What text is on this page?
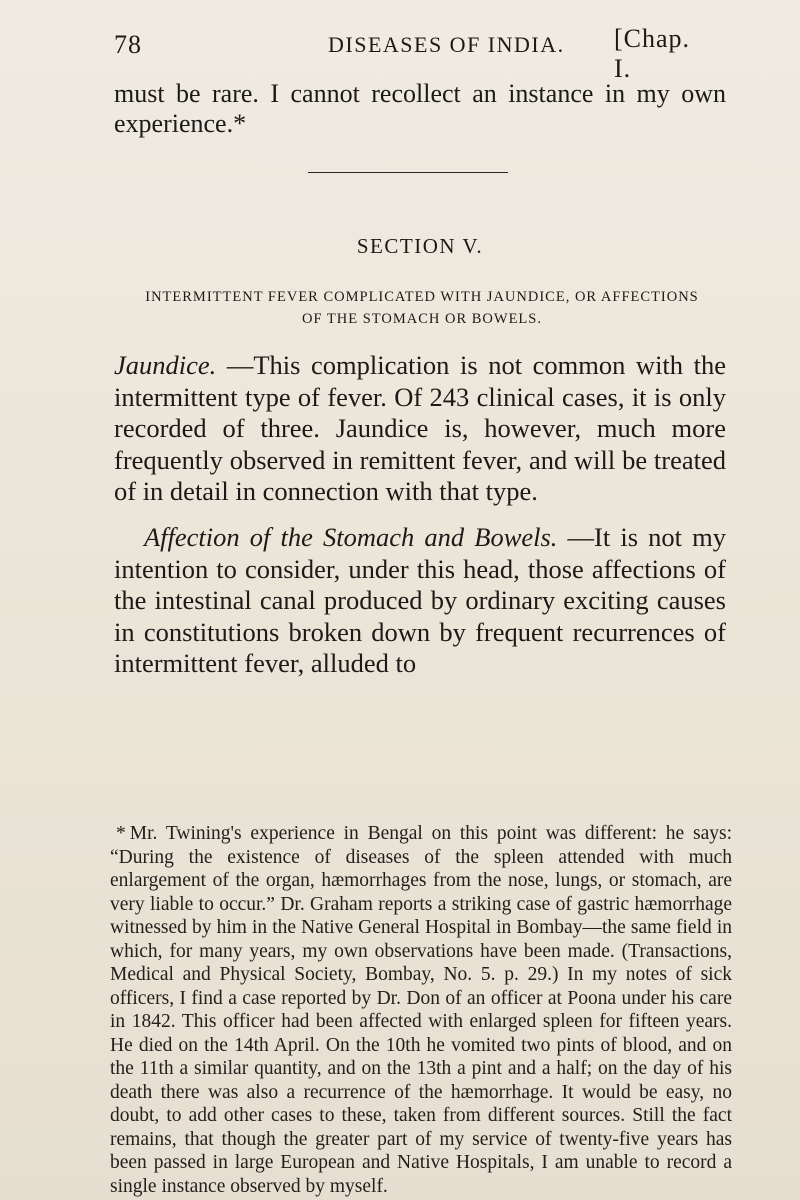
78	DISEASES OF INDIA. [Chap. I.
must be rare. I cannot recollect an instance in my own experience.*
SECTION V.
INTERMITTENT FEVER COMPLICATED WITH JAUNDICE, OR AFFECTIONS
OF THE STOMACH OR BOWELS.
Jaundice. —This complication is not common with the intermittent type of fever. Of 243 clinical cases, it is only recorded of three. Jaundice is, however, much more frequently observed in remittent fever, and will be treated of in detail in connection with that type.
Affection of the Stomach and Bowels. —It is not my intention to consider, under this head, those affections of the intestinal canal produced by ordinary exciting causes in constitutions broken down by frequent recurrences of intermittent fever, alluded to
* Mr. Twining's experience in Bengal on this point was different: he says: “During the existence of diseases of the spleen attended with much enlargement of the organ, hæmorrhages from the nose, lungs, or stomach, are very liable to occur.” Dr. Graham reports a striking case of gastric hæmorrhage witnessed by him in the Native General Hospital in Bombay—the same field in which, for many years, my own observations have been made. (Transactions, Medical and Physical Society, Bombay, No. 5. p. 29.) In my notes of sick officers, I find a case reported by Dr. Don of an officer at Poona under his care in 1842. This officer had been affected with enlarged spleen for fifteen years. He died on the 14th April. On the 10th he vomited two pints of blood, and on the 11th a similar quantity, and on the 13th a pint and a half; on the day of his death there was also a recurrence of the hæmorrhage. It would be easy, no doubt, to add other cases to these, taken from different sources. Still the fact remains, that though the greater part of my service of twenty-five years has been passed in large European and Native Hospitals, I am unable to record a single instance observed by myself.
